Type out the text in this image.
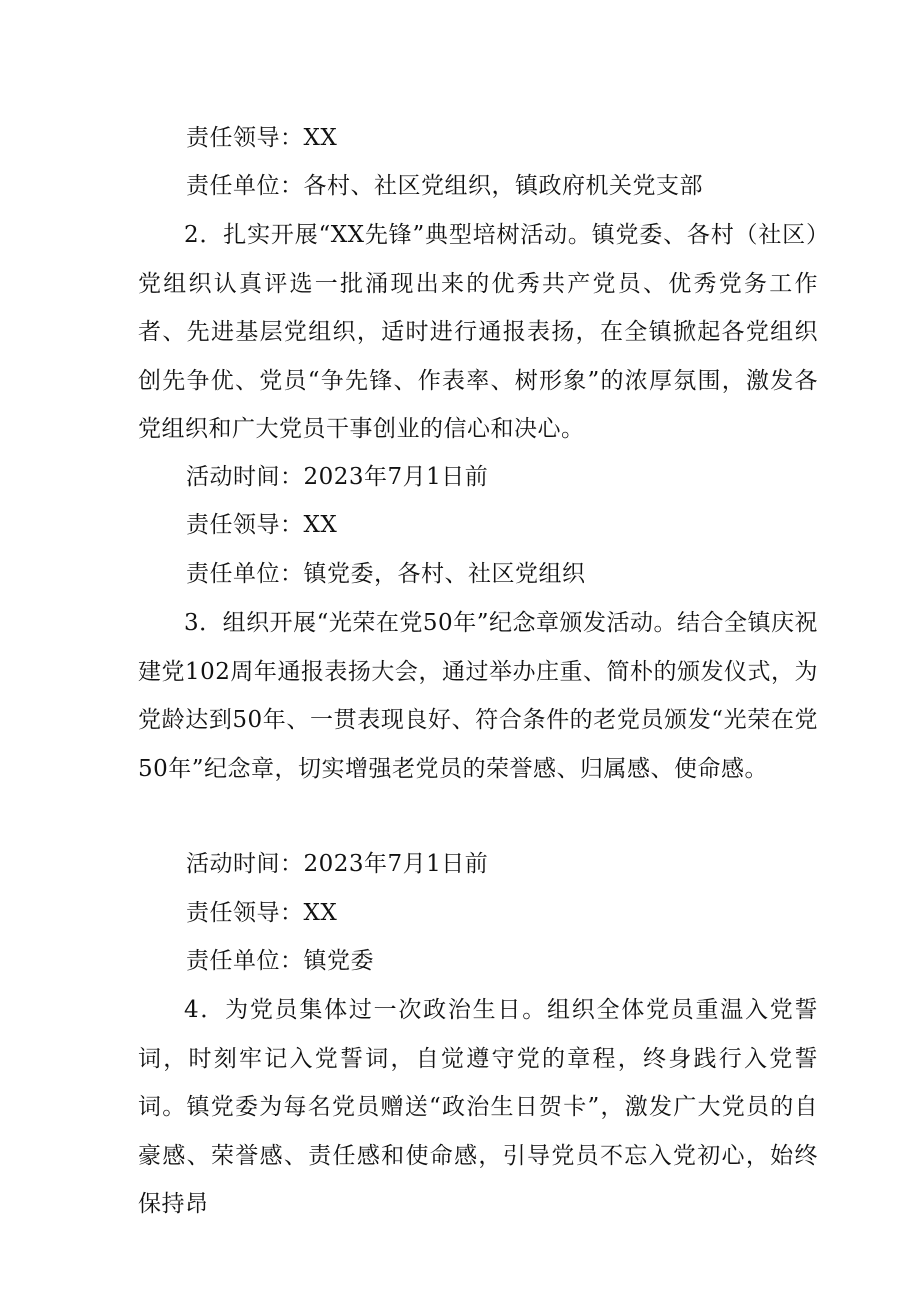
责任领导：XX
责任单位：各村、社区党组织，镇政府机关党支部

2．扎实开展“XX先锋”典型培树活动。镇党委、各村（社区）党组织认真评选一批涌现出来的优秀共产党员、优秀党务工作者、先进基层党组织，适时进行通报表扬，在全镇掀起各党组织创先争优、党员“争先锋、作表率、树形象”的浓厚氛围，激发各党组织和广大党员干事创业的信心和决心。

活动时间：2023年7月1日前
责任领导：XX
责任单位：镇党委，各村、社区党组织

3．组织开展“光荣在党50年”纪念章颁发活动。结合全镇庆祝建党102周年通报表扬大会，通过举办庄重、简朴的颁发仪式，为党龄达到50年、一贯表现良好、符合条件的老党员颁发“光荣在党50年”纪念章，切实增强老党员的荣誉感、归属感、使命感。

活动时间：2023年7月1日前
责任领导：XX
责任单位：镇党委

4．为党员集体过一次政治生日。组织全体党员重温入党誓词，时刻牢记入党誓词，自觉遵守党的章程，终身践行入党誓词。镇党委为每名党员赠送“政治生日贺卡”，激发广大党员的自豪感、荣誉感、责任感和使命感，引导党员不忘入党初心，始终保持昂
